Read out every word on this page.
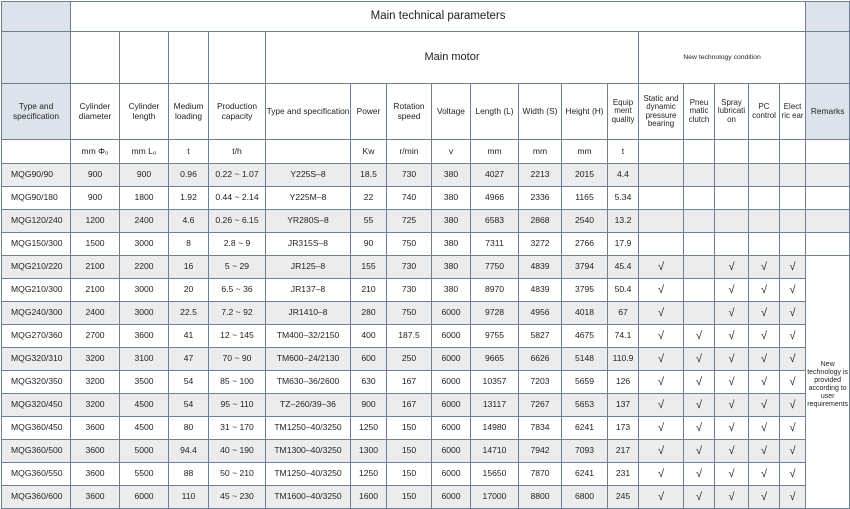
	Main technical parameters																	
					Main motor								New technology condition					
Type and specification	Cylinder diameter	Cylinder length	Medium loading	Production capacity	Type and specification	Power	Rotation speed	Voltage	Length (L)	Width (S)	Height (H)	Equip ment quality	Static and dynamic pressure bearing	Pneu matic clutch	Spray lubricati on	PC control	Elect ric ear	Remarks
	mm Φ₀	mm L₀	t	t/h		Kw	r/min	v	mm	mm	mm	t						
MQG90/90	900	900	0.96	0.22 ~ 1.07	Y225S–8	18.5	730	380	4027	2213	2015	4.4						
MQG90/180	900	1800	1.92	0.44 ~ 2.14	Y225M–8	22	740	380	4966	2336	1165	5.34						
MQG120/240	1200	2400	4.6	0.26 ~ 6.15	YR280S–8	55	725	380	6583	2868	2540	13.2						
MQG150/300	1500	3000	8	2.8 ~ 9	JR315S–8	90	750	380	7311	3272	2766	17.9						
MQG210/220	2100	2200	16	5 ~ 29	JR125–8	155	730	380	7750	4839	3794	45.4	√		√	√	√	New technology is provided according to user requirements
MQG210/300	2100	3000	20	6.5 ~ 36	JR137–8	210	730	380	8970	4839	3795	50.4	√		√	√	√	
MQG240/300	2400	3000	22.5	7.2 ~ 92	JR1410–8	280	750	6000	9728	4956	4018	67	√		√	√	√	
MQG270/360	2700	3600	41	12 ~ 145	TM400–32/2150	400	187.5	6000	9755	5827	4675	74.1	√	√	√	√	√	
MQG320/310	3200	3100	47	70 ~ 90	TM600–24/2130	600	250	6000	9665	6626	5148	110.9	√	√	√	√	√	
MQG320/350	3200	3500	54	85 ~ 100	TM630–36/2600	630	167	6000	10357	7203	5659	126	√	√	√	√	√	
MQG320/450	3200	4500	54	95 ~ 110	TZ–260/39–36	900	167	6000	13117	7267	5653	137	√	√	√	√	√	
MQG360/450	3600	4500	80	31 ~ 170	TM1250–40/3250	1250	150	6000	14980	7834	6241	173	√	√	√	√	√	
MQG360/500	3600	5000	94.4	40 ~ 190	TM1300–40/3250	1300	150	6000	14710	7942	7093	217	√	√	√	√	√	
MQG360/550	3600	5500	88	50 ~ 210	TM1250–40/3250	1250	150	6000	15650	7870	6241	231	√	√	√	√	√	
MQG360/600	3600	6000	110	45 ~ 230	TM1600–40/3250	1600	150	6000	17000	8800	6800	245	√	√	√	√	√	
